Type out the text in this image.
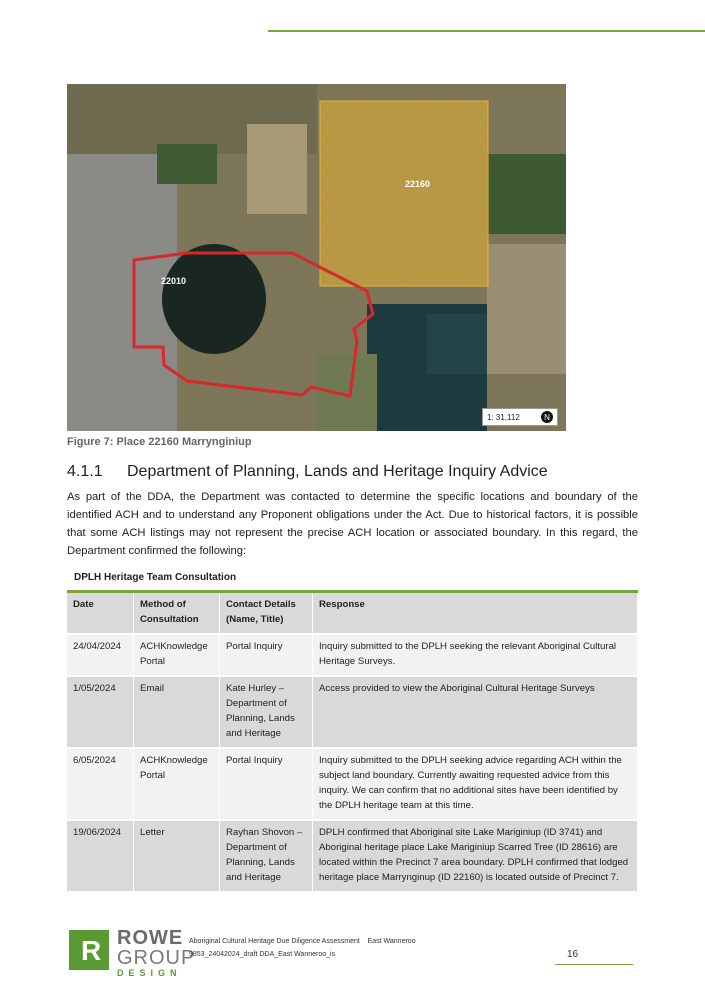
22160
22010
1: 31,112	N
Figure 7: Place 22160 Marrynginiup
4.1.1 Department of Planning, Lands and Heritage Inquiry Advice
As part of the DDA, the Department was contacted to determine the specific locations and boundary of the identified ACH and to understand any Proponent obligations under the Act. Due to historical factors, it is possible that some ACH listings may not represent the precise ACH location or associated boundary. In this regard, the Department confirmed the following:
DPLH Heritage Team Consultation
Date	Method of Consultation	Contact Details (Name, Title)	Response
24/04/2024	ACHKnowledge Portal	Portal Inquiry	Inquiry submitted to the DPLH seeking the relevant Aboriginal Cultural Heritage Surveys.
1/05/2024	Email	Kate Hurley – Department of Planning, Lands and Heritage	Access provided to view the Aboriginal Cultural Heritage Surveys
6/05/2024	ACHKnowledge Portal	Portal Inquiry	Inquiry submitted to the DPLH seeking advice regarding ACH within the subject land boundary. Currently awaiting requested advice from this inquiry. We can confirm that no additional sites have been identified by the DPLH heritage team at this time.
19/06/2024	Letter	Rayhan Shovon – Department of Planning, Lands and Heritage	DPLH confirmed that Aboriginal site Lake Mariginiup (ID 3741) and Aboriginal heritage place Lake Mariginiup Scarred Tree (ID 28616) are located within the Precinct 7 area boundary. DPLH confirmed that lodged heritage place Marrynginup (ID 22160) is located outside of Precinct 7.
R ROWE
GROUP
DESIGN
Aboriginal Cultural Heritage Due Diligence Assessment East Wanneroo
9853_24042024_draft DDA_East Wanneroo_is	16
